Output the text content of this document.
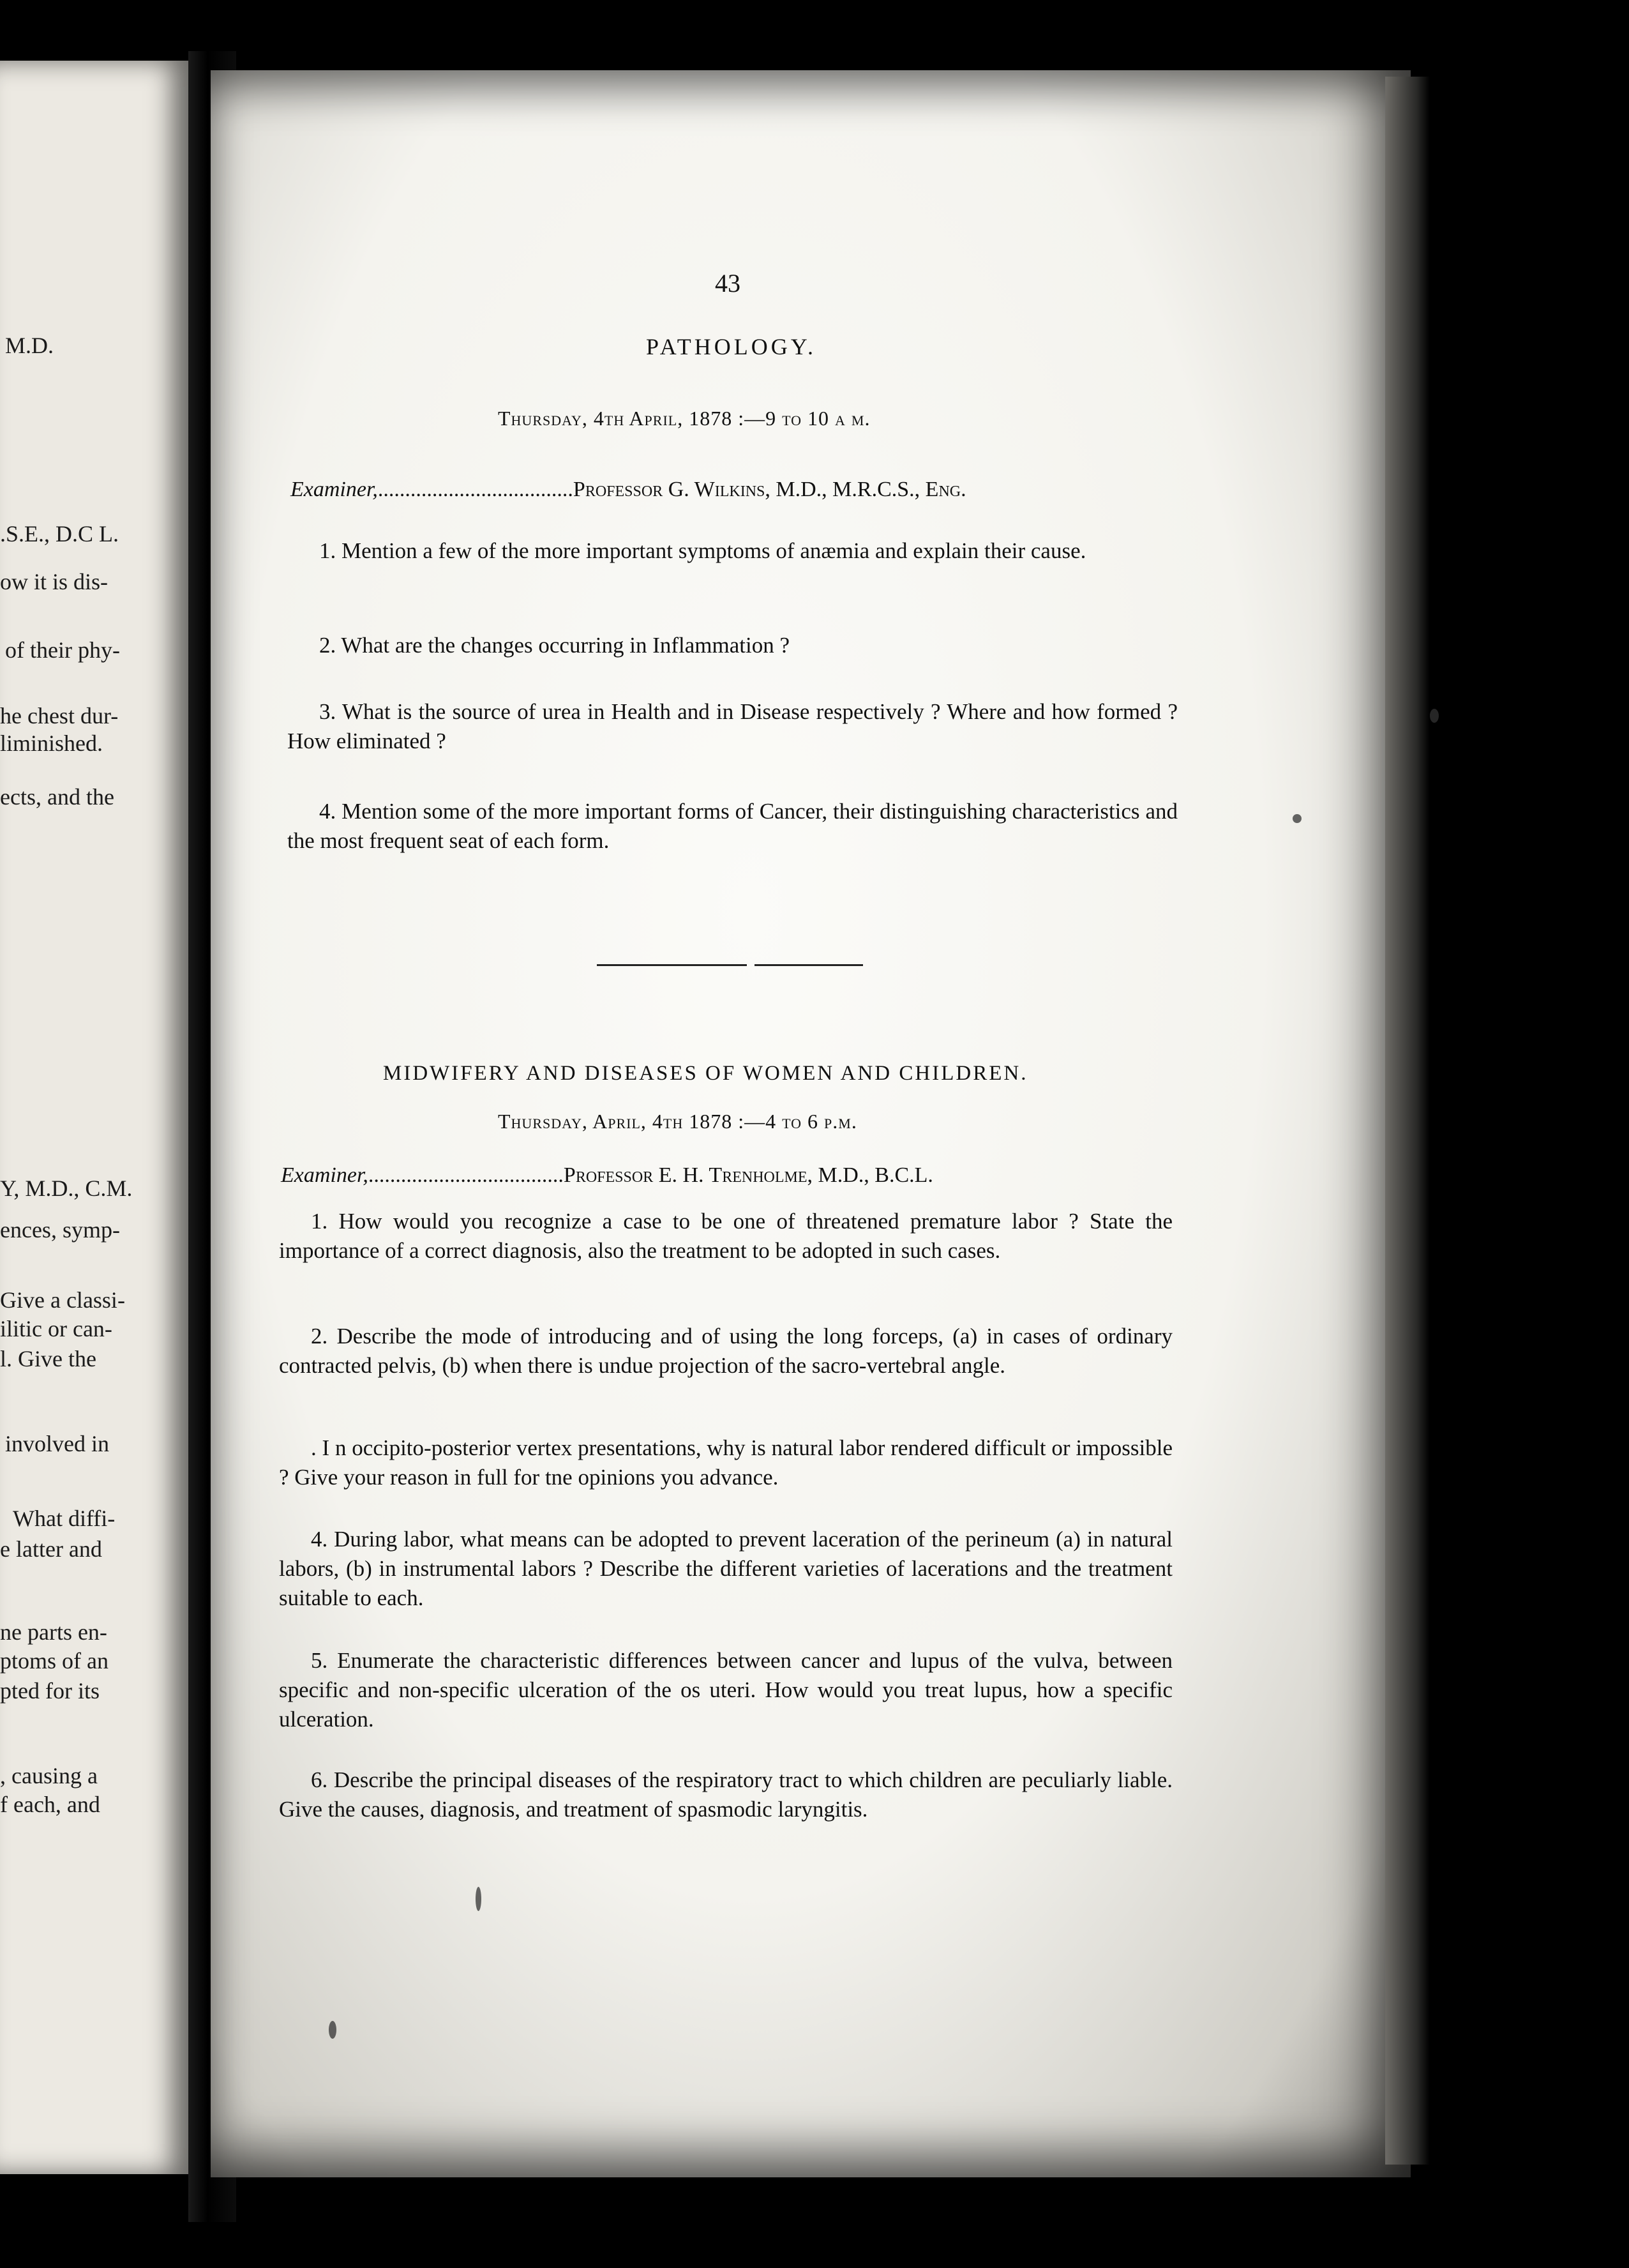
M.D.
.S.E., D.C L.
ow it is dis-
of their phy-
he chest dur-
liminished.
ects, and the
Y, M.D., C.M.
ences, symp-
Give a classi-
ilitic or can-
l. Give the
involved in
What diffi-
e latter and
ne parts en-
ptoms of an
pted for its
, causing a
f each, and
43
PATHOLOGY.
Thursday, 4th April, 1878 :—9 to 10 a m.
Examiner,....................................Professor G. Wilkins, M.D., M.R.C.S., Eng.

1. Mention a few of the more important symptoms of anæmia and explain their cause.

2. What are the changes occurring in Inflammation ?

3. What is the source of urea in Health and in Disease respectively ? Where and how formed ? How eliminated ?

4. Mention some of the more important forms of Cancer, their distinguishing characteristics and the most frequent seat of each form.

MIDWIFERY AND DISEASES OF WOMEN AND CHILDREN.
Thursday, April, 4th 1878 :—4 to 6 p.m.
Examiner,....................................Professor E. H. Trenholme, M.D., B.C.L.

1. How would you recognize a case to be one of threatened premature labor ? State the importance of a correct diagnosis, also the treatment to be adopted in such cases.

2. Describe the mode of introducing and of using the long forceps, (a) in cases of ordinary contracted pelvis, (b) when there is undue projection of the sacro-vertebral angle.

. I n occipito-posterior vertex presentations, why is natural labor rendered difficult or impossible ? Give your reason in full for tne opinions you advance.

4. During labor, what means can be adopted to prevent laceration of the perineum (a) in natural labors, (b) in instrumental labors ? Describe the different varieties of lacerations and the treatment suitable to each.

5. Enumerate the characteristic differences between cancer and lupus of the vulva, between specific and non-specific ulceration of the os uteri. How would you treat lupus, how a specific ulceration.

6. Describe the principal diseases of the respiratory tract to which children are peculiarly liable. Give the causes, diagnosis, and treatment of spasmodic laryngitis.
